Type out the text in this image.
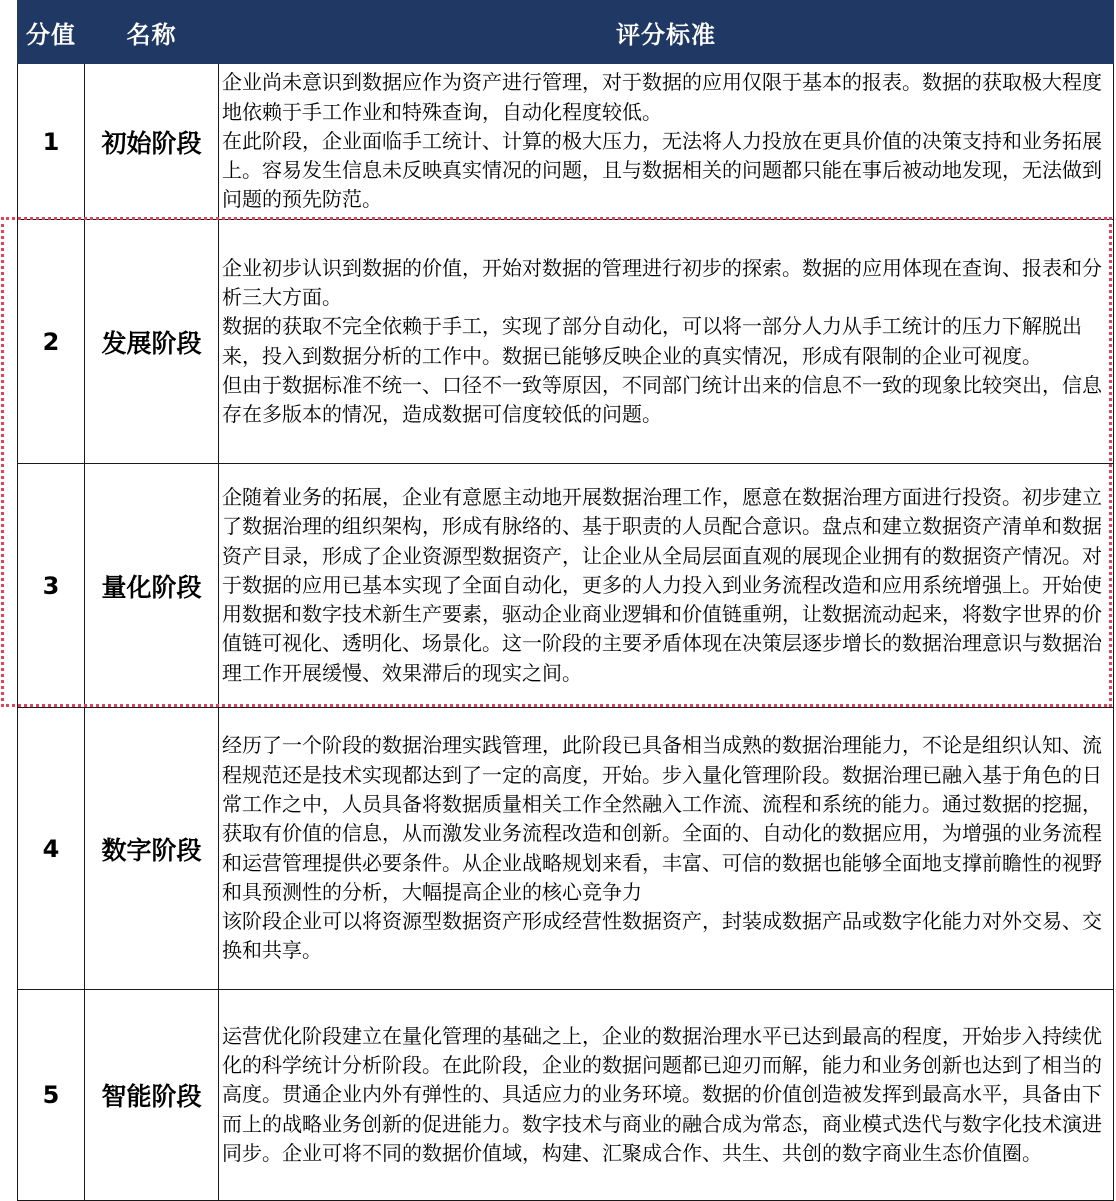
分值	名称	评分标准
1	初始阶段	企业尚未意识到数据应作为资产进行管理，对于数据的应用仅限于基本的报表。数据的获取极大程度地依赖于手工作业和特殊查询，自动化程度较低。

在此阶段，企业面临手工统计、计算的极大压力，无法将人力投放在更具价值的决策支持和业务拓展上。容易发生信息未反映真实情况的问题，且与数据相关的问题都只能在事后被动地发现，无法做到问题的预先防范。

2	发展阶段	企业初步认识到数据的价值，开始对数据的管理进行初步的探索。数据的应用体现在查询、报表和分析三大方面。

数据的获取不完全依赖于手工，实现了部分自动化，可以将一部分人力从手工统计的压力下解脱出来，投入到数据分析的工作中。数据已能够反映企业的真实情况，形成有限制的企业可视度。

但由于数据标准不统一、口径不一致等原因，不同部门统计出来的信息不一致的现象比较突出，信息存在多版本的情况，造成数据可信度较低的问题。

3	量化阶段	企随着业务的拓展，企业有意愿主动地开展数据治理工作，愿意在数据治理方面进行投资。初步建立了数据治理的组织架构，形成有脉络的、基于职责的人员配合意识。盘点和建立数据资产清单和数据资产目录，形成了企业资源型数据资产，让企业从全局层面直观的展现企业拥有的数据资产情况。对于数据的应用已基本实现了全面自动化，更多的人力投入到业务流程改造和应用系统增强上。开始使用数据和数字技术新生产要素，驱动企业商业逻辑和价值链重朔，让数据流动起来，将数字世界的价值链可视化、透明化、场景化。这一阶段的主要矛盾体现在决策层逐步增长的数据治理意识与数据治理工作开展缓慢、效果滞后的现实之间。

4	数字阶段	经历了一个阶段的数据治理实践管理，此阶段已具备相当成熟的数据治理能力，不论是组织认知、流程规范还是技术实现都达到了一定的高度，开始。步入量化管理阶段。数据治理已融入基于角色的日常工作之中，人员具备将数据质量相关工作全然融入工作流、流程和系统的能力。通过数据的挖掘，获取有价值的信息，从而激发业务流程改造和创新。全面的、自动化的数据应用，为增强的业务流程和运营管理提供必要条件。从企业战略规划来看，丰富、可信的数据也能够全面地支撑前瞻性的视野和具预测性的分析，大幅提高企业的核心竞争力

该阶段企业可以将资源型数据资产形成经营性数据资产，封装成数据产品或数字化能力对外交易、交换和共享。

5	智能阶段	运营优化阶段建立在量化管理的基础之上，企业的数据治理水平已达到最高的程度，开始步入持续优化的科学统计分析阶段。在此阶段，企业的数据问题都已迎刃而解，能力和业务创新也达到了相当的高度。贯通企业内外有弹性的、具适应力的业务环境。数据的价值创造被发挥到最高水平，具备由下而上的战略业务创新的促进能力。数字技术与商业的融合成为常态，商业模式迭代与数字化技术演进同步。企业可将不同的数据价值域，构建、汇聚成合作、共生、共创的数字商业生态价值圈。
